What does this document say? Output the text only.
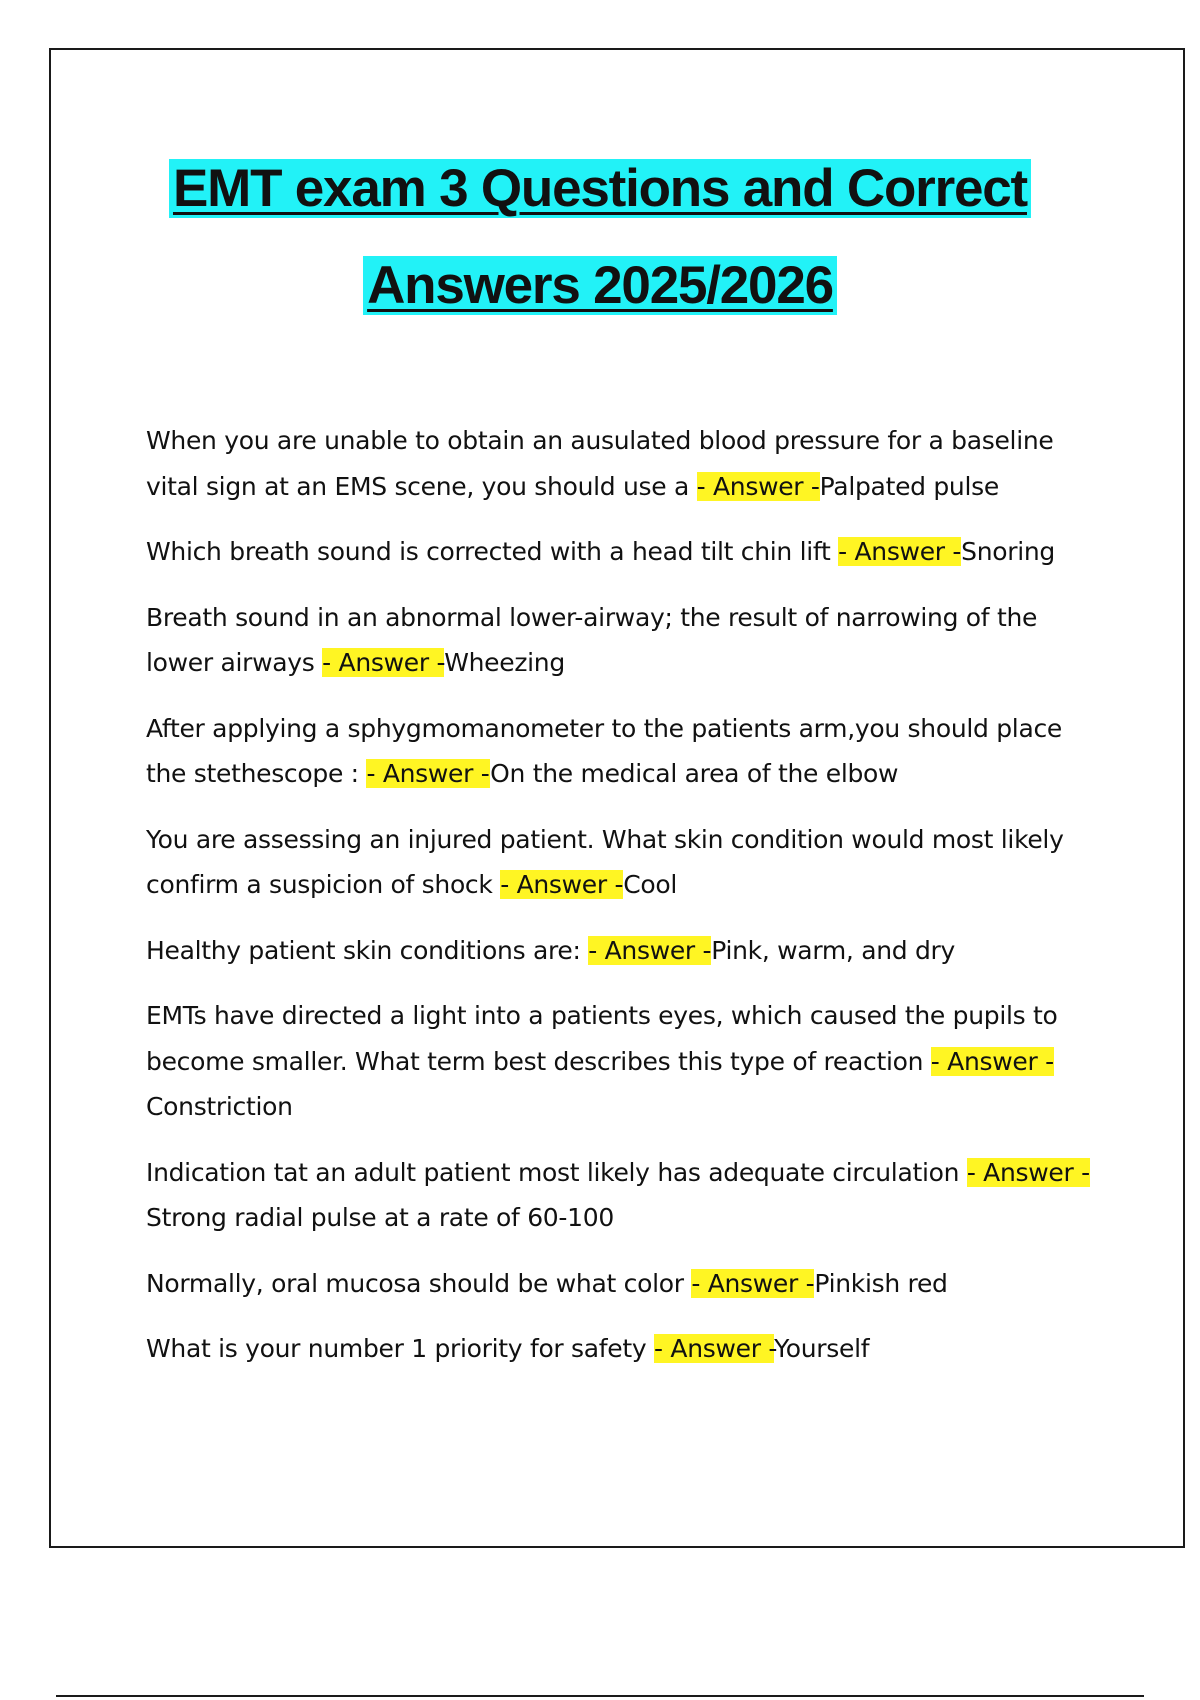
EMT exam 3 Questions and Correct
Answers 2025/2026

When you are unable to obtain an ausulated blood pressure for a baseline vital sign at an EMS scene, you should use a - Answer -Palpated pulse

Which breath sound is corrected with a head tilt chin lift - Answer -Snoring

Breath sound in an abnormal lower-airway; the result of narrowing of the lower airways - Answer -Wheezing

After applying a sphygmomanometer to the patients arm,you should place the stethescope : - Answer -On the medical area of the elbow

You are assessing an injured patient. What skin condition would most likely confirm a suspicion of shock - Answer -Cool

Healthy patient skin conditions are: - Answer -Pink, warm, and dry

EMTs have directed a light into a patients eyes, which caused the pupils to become smaller. What term best describes this type of reaction - Answer -Constriction

Indication tat an adult patient most likely has adequate circulation - Answer -Strong radial pulse at a rate of 60-100

Normally, oral mucosa should be what color - Answer -Pinkish red

What is your number 1 priority for safety - Answer -Yourself
